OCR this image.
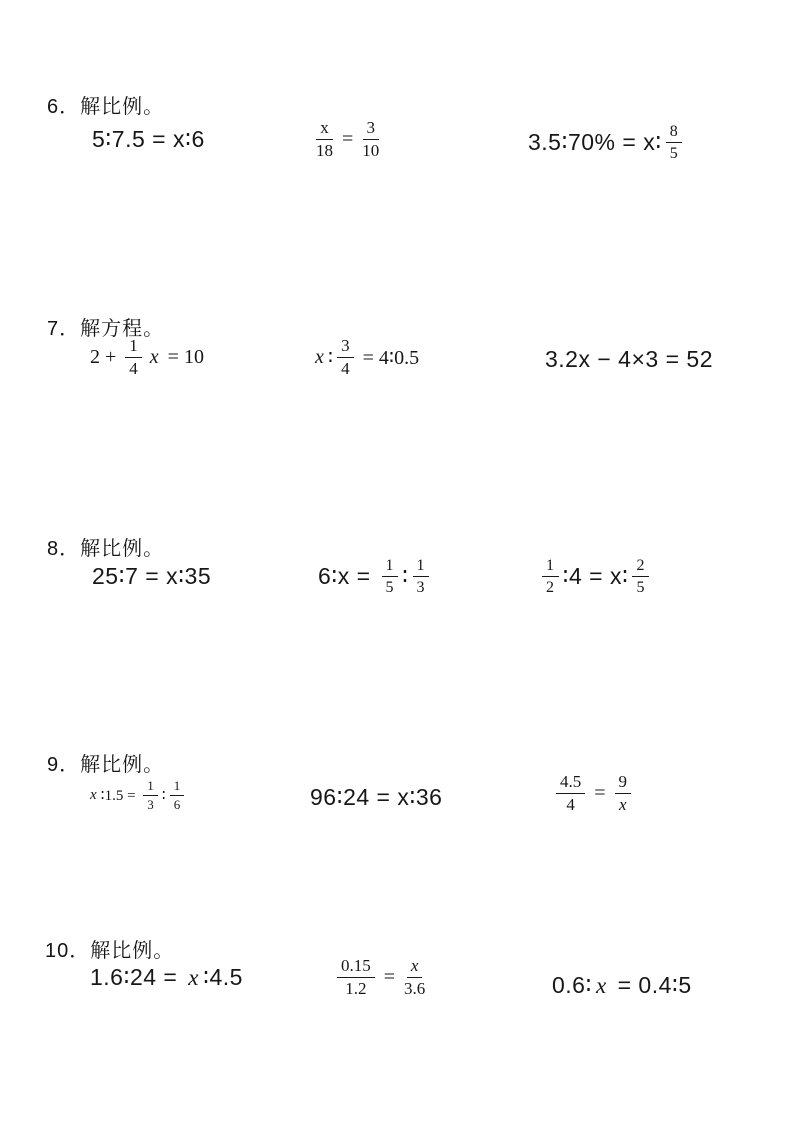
6．解比例。
5∶7.5 = x∶6	$\frac{x}{18} = \frac{3}{10}$	3.5∶70% = x∶ $\frac{8}{5}$
7．解方程。
$2 + \frac{1}{4}$ x = 10	x ∶ $\frac{3}{4}$ = 4∶0.5	3.2x − 4×3 = 52
8．解比例。
25∶7 = x∶35	6∶x = $\frac{1}{5}$ ∶ $\frac{1}{3}$	$\frac{1}{2}$ ∶4 = x∶ $\frac{2}{5}$
9．解比例。
x ∶1.5 = $\frac{1}{3}$ ∶ $\frac{1}{6}$	96∶24 = x∶36	$\frac{4.5}{4} = \frac{9}{x}$
10．解比例。
1.6∶24 = x ∶4.5	$\frac{0.15}{1.2} = \frac{x}{3.6}$	0.6∶ x = 0.4∶5
